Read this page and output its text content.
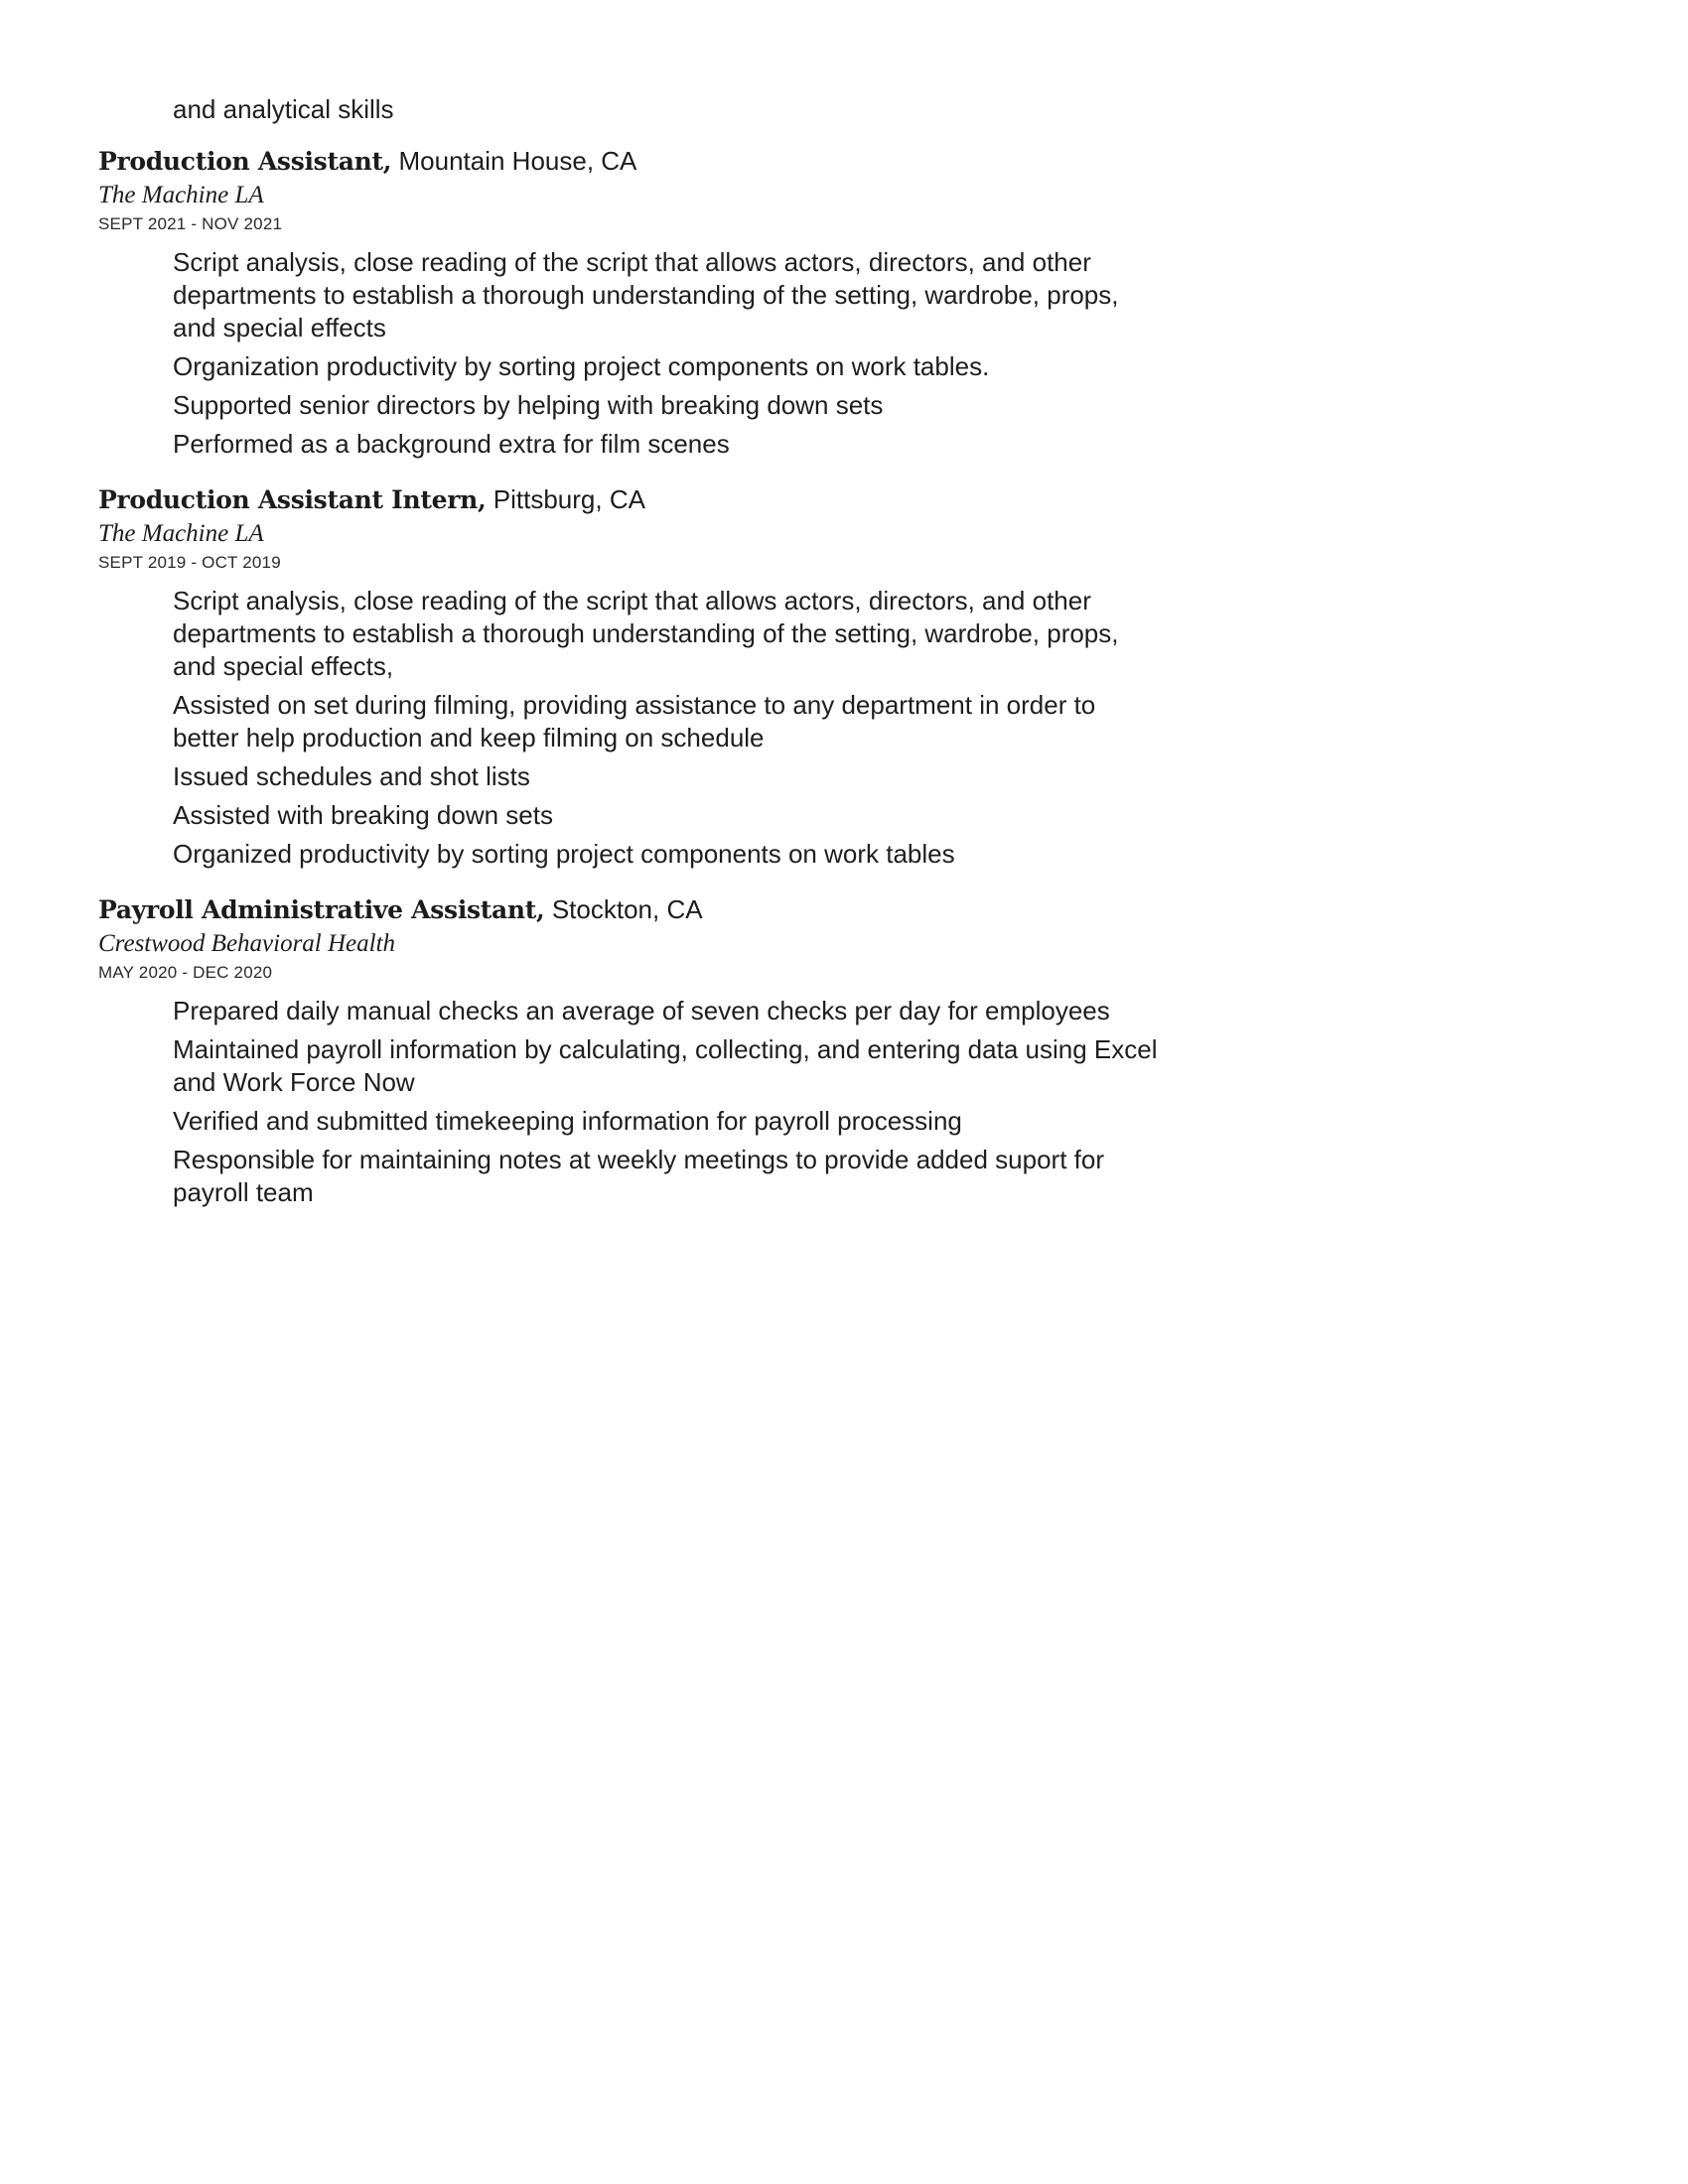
and analytical skills

Production Assistant, Mountain House, CA

The Machine LA

SEPT 2021 - NOV 2021

Script analysis, close reading of the script that allows actors, directors, and other departments to establish a thorough understanding of the setting, wardrobe, props, and special effects
Organization productivity by sorting project components on work tables.
Supported senior directors by helping with breaking down sets
Performed as a background extra for film scenes

Production Assistant Intern, Pittsburg, CA

The Machine LA

SEPT 2019 - OCT 2019

Script analysis, close reading of the script that allows actors, directors, and other departments to establish a thorough understanding of the setting, wardrobe, props, and special effects,
Assisted on set during filming, providing assistance to any department in order to better help production and keep filming on schedule
Issued schedules and shot lists
Assisted with breaking down sets
Organized productivity by sorting project components on work tables

Payroll Administrative Assistant, Stockton, CA

Crestwood Behavioral Health

MAY 2020 - DEC 2020

Prepared daily manual checks an average of seven checks per day for employees
Maintained payroll information by calculating, collecting, and entering data using Excel and Work Force Now
Verified and submitted timekeeping information for payroll processing
Responsible for maintaining notes at weekly meetings to provide added suport for payroll team
